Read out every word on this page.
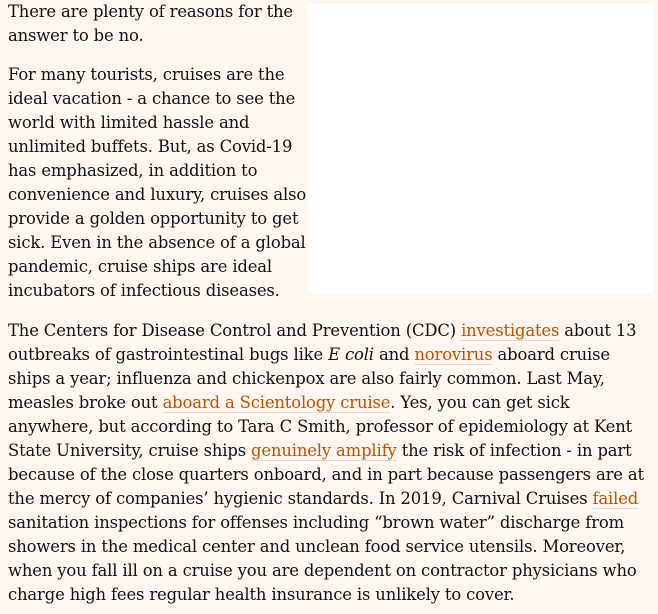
There are plenty of reasons for the answer to be no.

For many tourists, cruises are the ideal vacation - a chance to see the world with limited hassle and unlimited buffets. But, as Covid-19 has emphasized, in addition to convenience and luxury, cruises also provide a golden opportunity to get sick. Even in the absence of a global pandemic, cruise ships are ideal incubators of infectious diseases.

The Centers for Disease Control and Prevention (CDC) investigates about 13 outbreaks of gastrointestinal bugs like E coli and norovirus aboard cruise ships a year; influenza and chickenpox are also fairly common. Last May, measles broke out aboard a Scientology cruise. Yes, you can get sick anywhere, but according to Tara C Smith, professor of epidemiology at Kent State University, cruise ships genuinely amplify the risk of infection - in part because of the close quarters onboard, and in part because passengers are at the mercy of companies’ hygienic standards. In 2019, Carnival Cruises failed sanitation inspections for offenses including “brown water” discharge from showers in the medical center and unclean food service utensils. Moreover, when you fall ill on a cruise you are dependent on contractor physicians who charge high fees regular health insurance is unlikely to cover.
